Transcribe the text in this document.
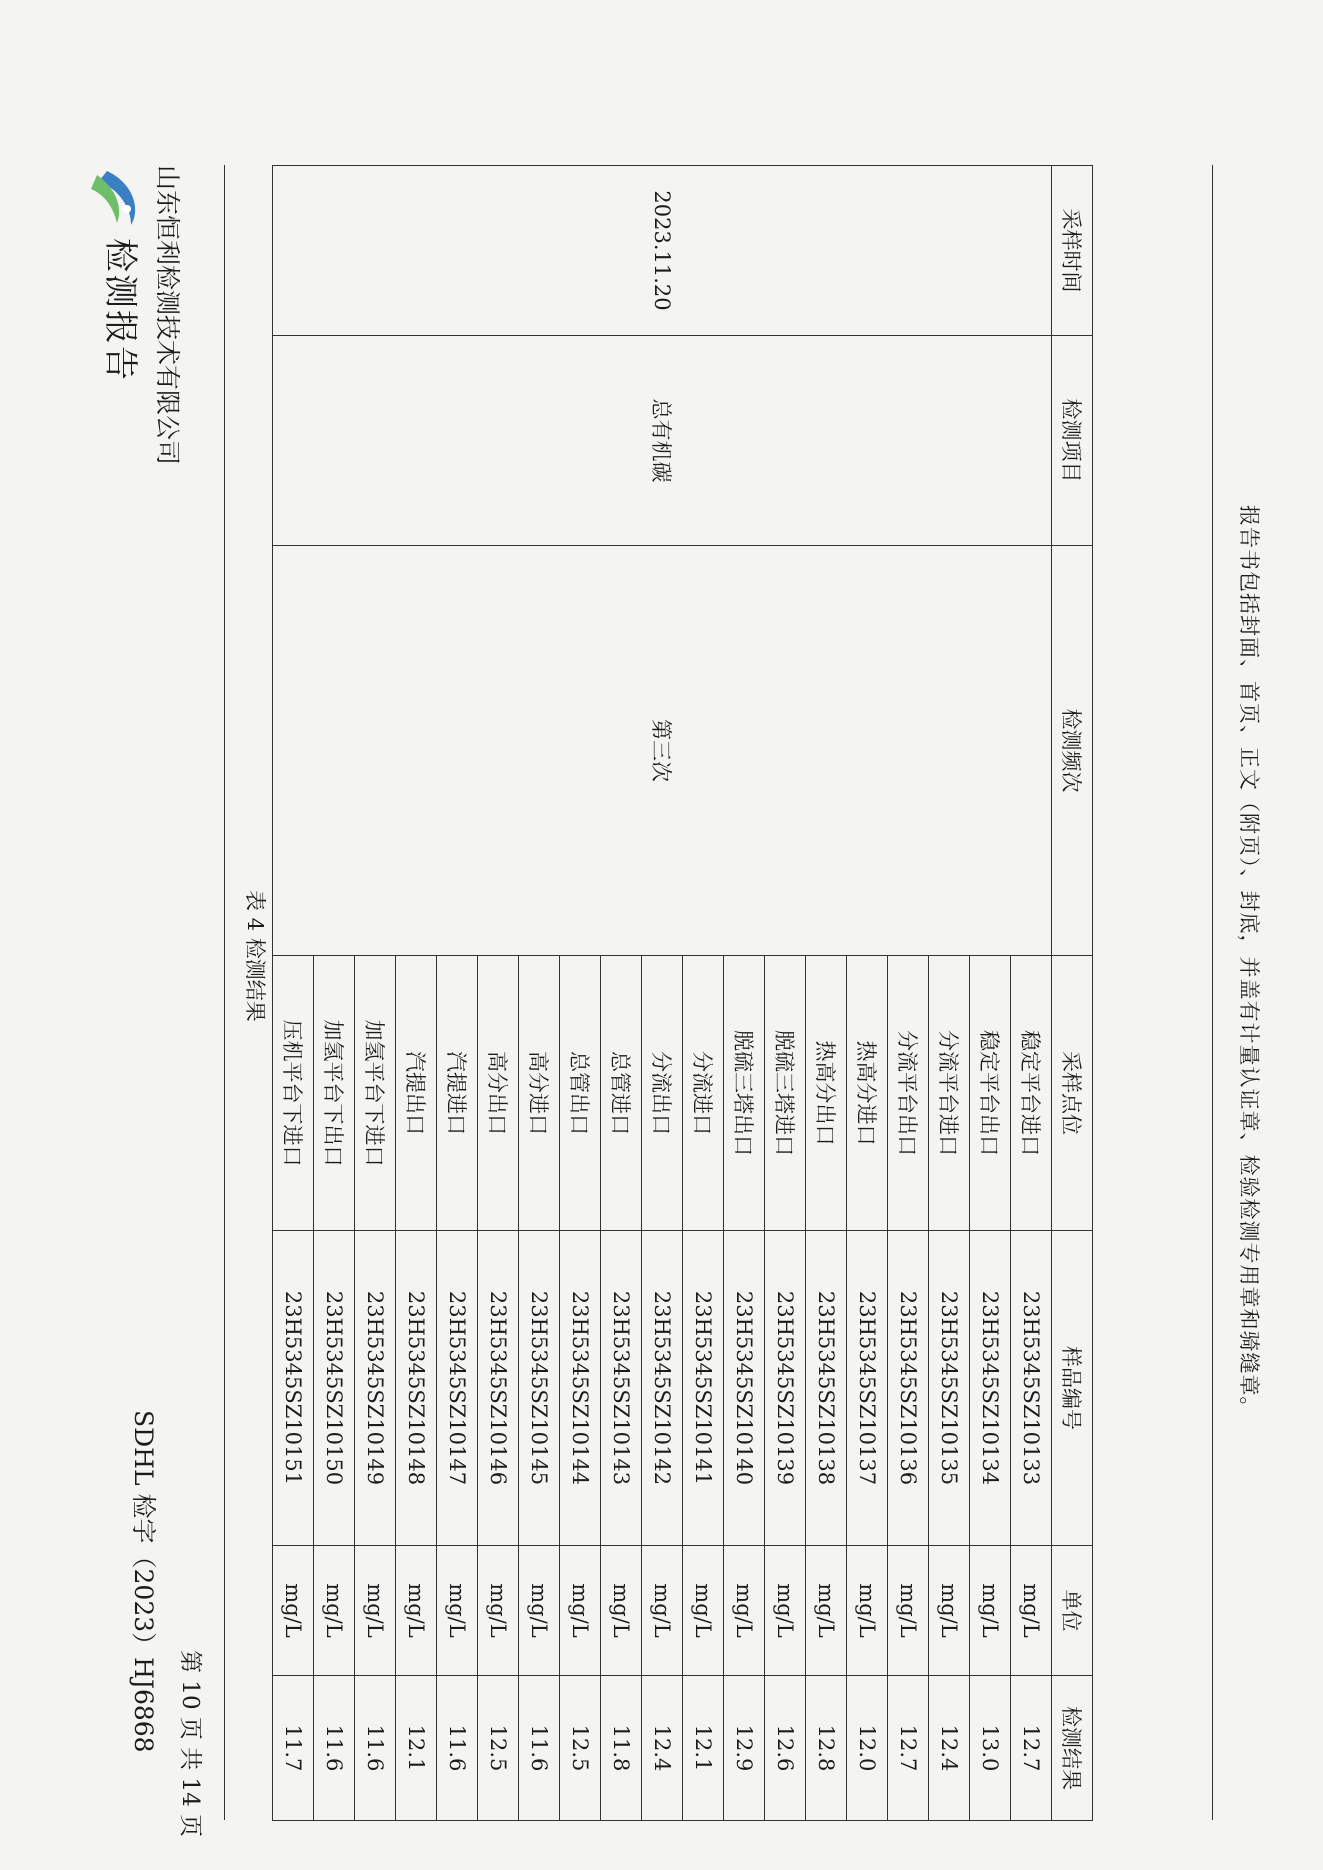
检测报告 山东恒利检测技术有限公司
SDHL 检字（2023）HJ6868 第 10 页 共 14 页
表 4 检测结果
采样时间	检测项目	检测频次	采样点位	样品编号	单位	检测结果
2023.11.20	总有机碳	第三次	稳定平台进口	23H5345SZ10133	mg/L	12.7
			稳定平台出口	23H5345SZ10134	mg/L	13.0
			分流平台进口	23H5345SZ10135	mg/L	12.4
			分流平台出口	23H5345SZ10136	mg/L	12.7
			热高分进口	23H5345SZ10137	mg/L	12.0
			热高分出口	23H5345SZ10138	mg/L	12.8
			脱硫三塔进口	23H5345SZ10139	mg/L	12.6
			脱硫三塔出口	23H5345SZ10140	mg/L	12.9
			分流进口	23H5345SZ10141	mg/L	12.1
			分流出口	23H5345SZ10142	mg/L	12.4
			总管进口	23H5345SZ10143	mg/L	11.8
			总管出口	23H5345SZ10144	mg/L	12.5
			高分进口	23H5345SZ10145	mg/L	11.6
			高分出口	23H5345SZ10146	mg/L	12.5
			汽提进口	23H5345SZ10147	mg/L	11.6
			汽提出口	23H5345SZ10148	mg/L	12.1
			加氢平台下进口	23H5345SZ10149	mg/L	11.6
			加氢平台下出口	23H5345SZ10150	mg/L	11.6
			压机平台下进口	23H5345SZ10151	mg/L	11.7
报告书包括封面、首页、正文（附页）、封底，并盖有计量认证章、检验检测专用章和骑缝章。
